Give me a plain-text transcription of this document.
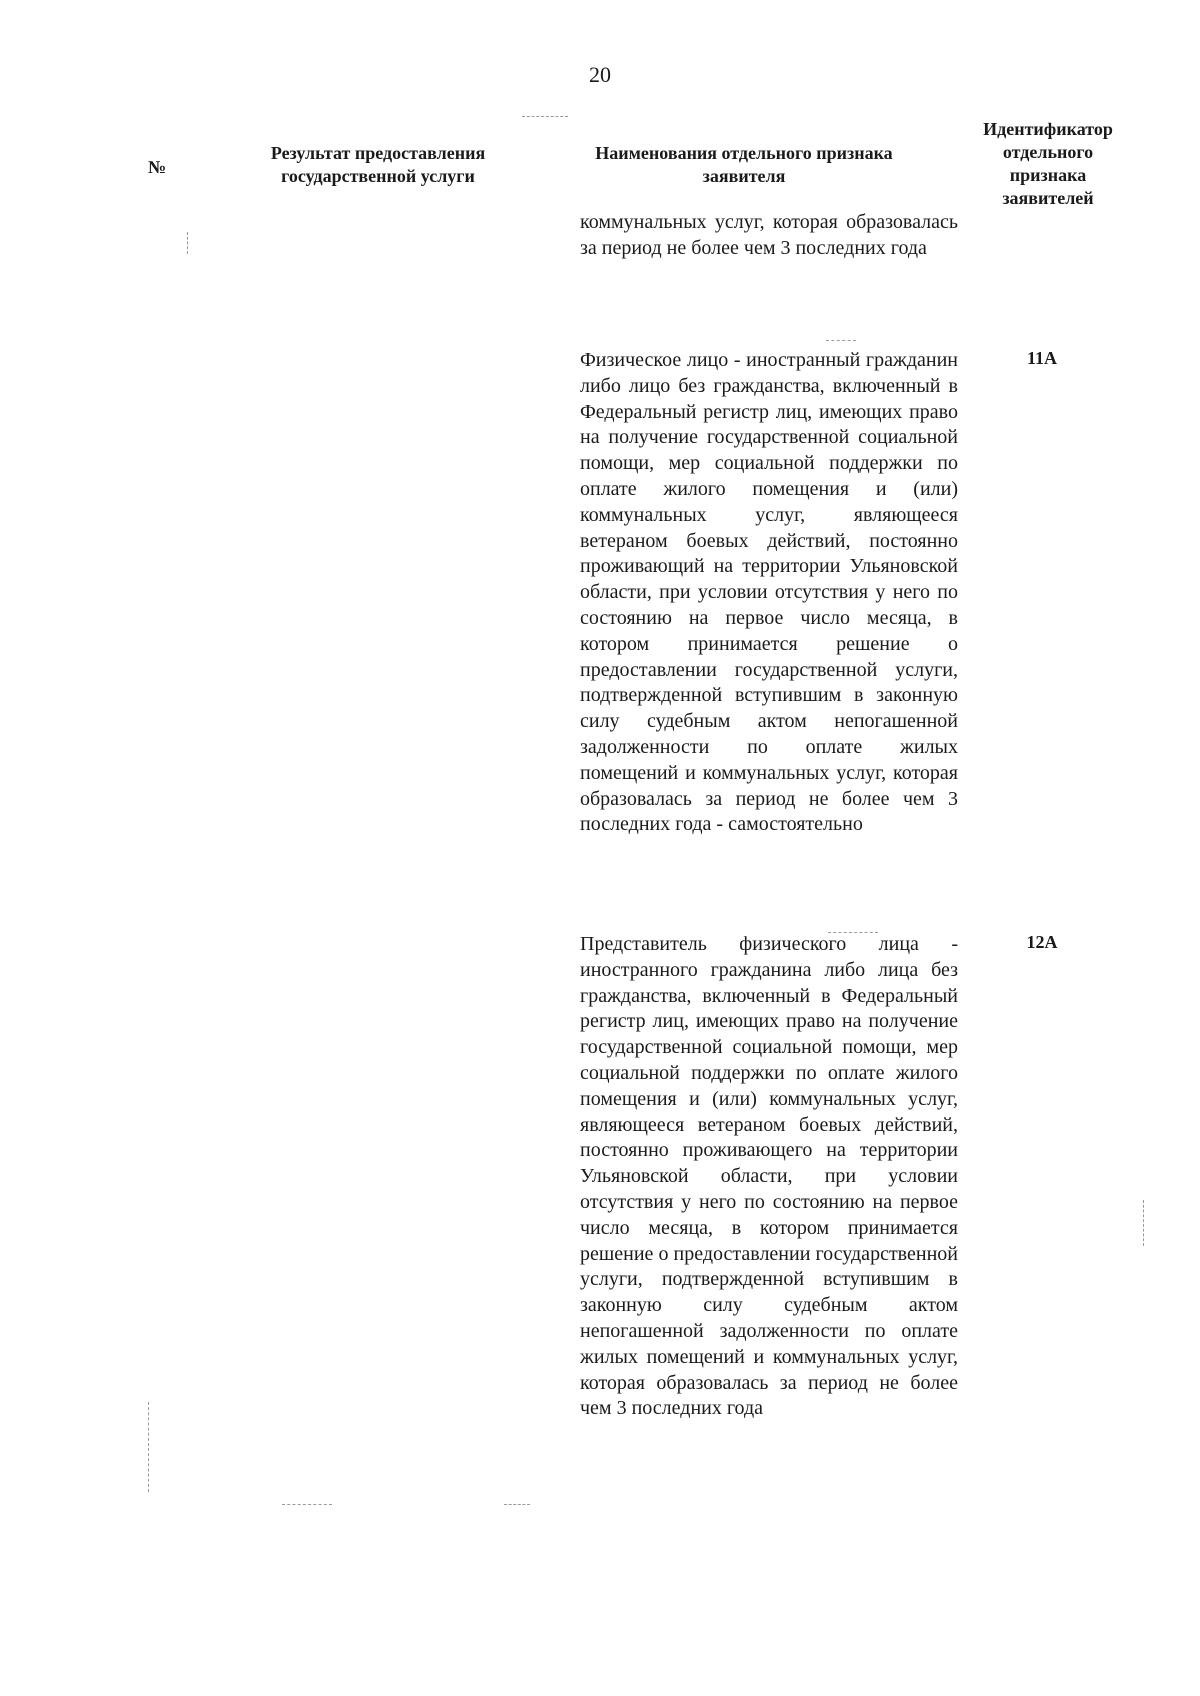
20
№
Результат предоставления государственной услуги
Наименования отдельного признака заявителя
Идентификатор отдельного признака заявителей

коммунальных услуг, которая образовалась за период не более чем 3 последних года

Физическое лицо - иностранный гражданин либо лицо без гражданства, включенный в Федеральный регистр лиц, имеющих право на получение государственной социальной помощи, мер социальной поддержки по оплате жилого помещения и (или) коммунальных услуг, являющееся ветераном боевых действий, постоянно проживающий на территории Ульяновской области, при условии отсутствия у него по состоянию на первое число месяца, в котором принимается решение о предоставлении государственной услуги, подтвержденной вступившим в законную силу судебным актом непогашенной задолженности по оплате жилых помещений и коммунальных услуг, которая образовалась за период не более чем 3 последних года - самостоятельно

11А

Представитель физического лица - иностранного гражданина либо лица без гражданства, включенный в Федеральный регистр лиц, имеющих право на получение государственной социальной помощи, мер социальной поддержки по оплате жилого помещения и (или) коммунальных услуг, являющееся ветераном боевых действий, постоянно проживающего на территории Ульяновской области, при условии отсутствия у него по состоянию на первое число месяца, в котором принимается решение о предоставлении государственной услуги, подтвержденной вступившим в законную силу судебным актом непогашенной задолженности по оплате жилых помещений и коммунальных услуг, которая образовалась за период не более чем 3 последних года

12А
